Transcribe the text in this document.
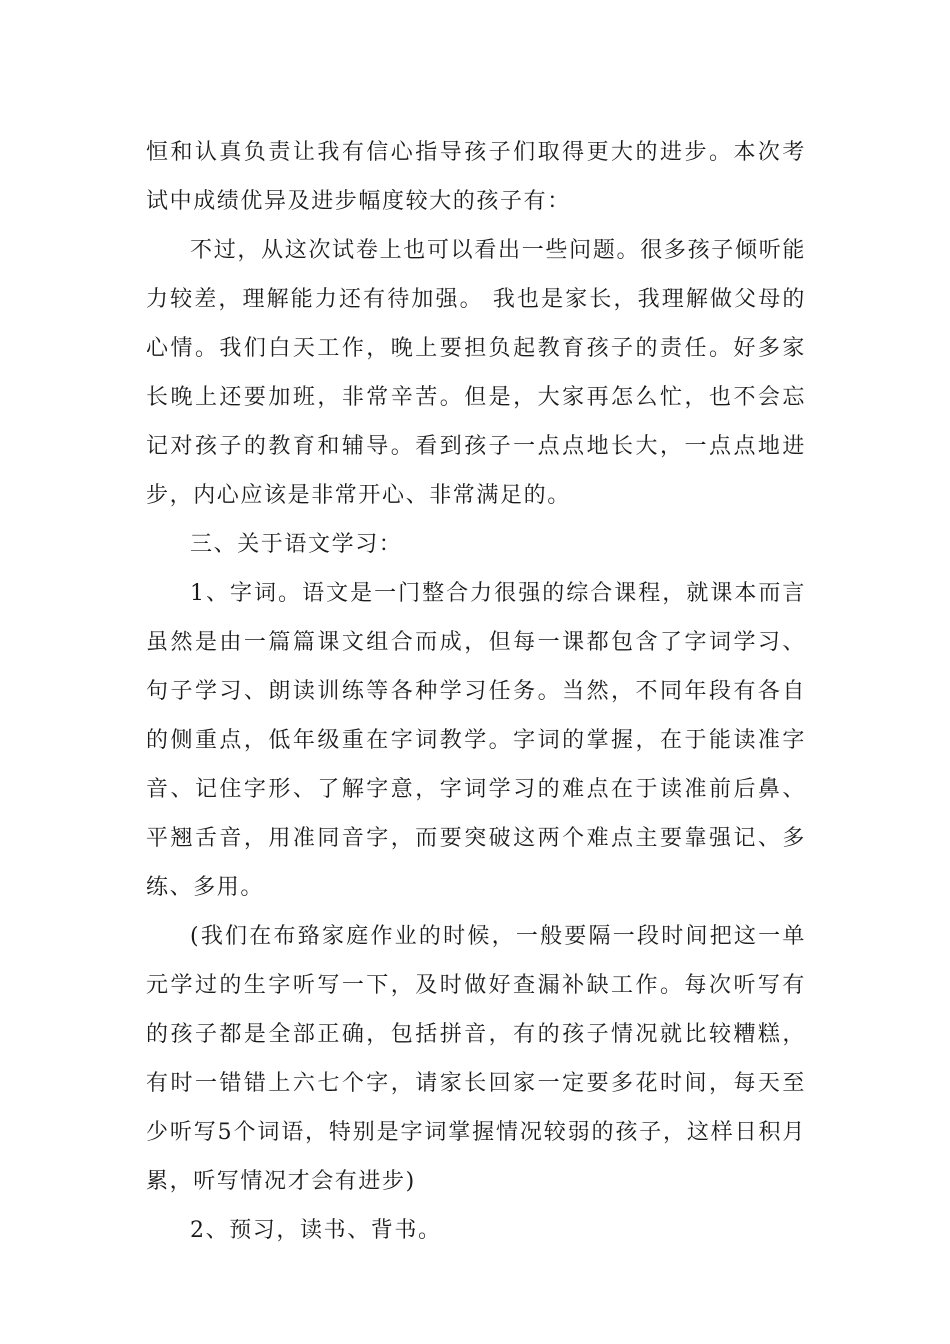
恒和认真负责让我有信心指导孩子们取得更大的进步。本次考试中成绩优异及进步幅度较大的孩子有：

不过，从这次试卷上也可以看出一些问题。很多孩子倾听能力较差，理解能力还有待加强。 我也是家长，我理解做父母的心情。我们白天工作，晚上要担负起教育孩子的责任。好多家长晚上还要加班，非常辛苦。但是，大家再怎么忙，也不会忘记对孩子的教育和辅导。看到孩子一点点地长大，一点点地进步，内心应该是非常开心、非常满足的。

三、关于语文学习：

1、字词。语文是一门整合力很强的综合课程，就课本而言虽然是由一篇篇课文组合而成，但每一课都包含了字词学习、句子学习、朗读训练等各种学习任务。当然，不同年段有各自的侧重点，低年级重在字词教学。字词的掌握，在于能读准字音、记住字形、了解字意，字词学习的难点在于读准前后鼻、平翘舌音，用准同音字，而要突破这两个难点主要靠强记、多练、多用。

(我们在布臵家庭作业的时候，一般要隔一段时间把这一单元学过的生字听写一下，及时做好查漏补缺工作。每次听写有的孩子都是全部正确，包括拼音，有的孩子情况就比较糟糕，有时一错错上六七个字，请家长回家一定要多花时间，每天至少听写5个词语，特别是字词掌握情况较弱的孩子，这样日积月累，听写情况才会有进步)

2、预习，读书、背书。
